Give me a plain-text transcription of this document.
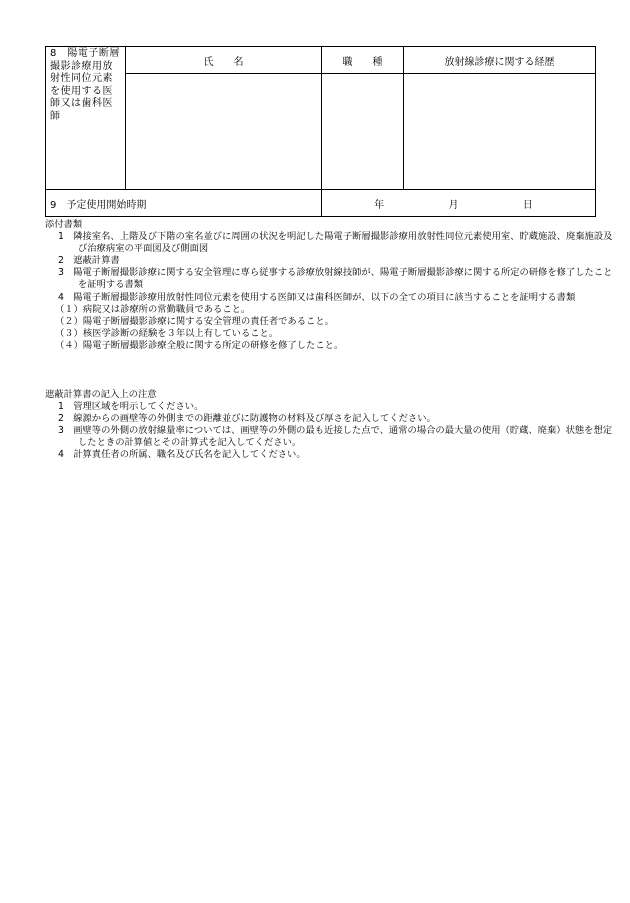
8　陽電子断層撮影診療用放射性同位元素を使用する医師又は歯科医師	氏　　名	職　　種	放射線診療に関する経歴

9　予定使用開始時期		年 月 日	
添付書類
1　隣接室名、上階及び下階の室名並びに周囲の状況を明記した陽電子断層撮影診療用放射性同位元素使用室、貯蔵施設、廃棄施設及び治療病室の平面図及び側面図
2　遮蔽計算書
3　陽電子断層撮影診療に関する安全管理に専ら従事する診療放射線技師が、陽電子断層撮影診療に関する所定の研修を修了したことを証明する書類
4　陽電子断層撮影診療用放射性同位元素を使用する医師又は歯科医師が、以下の全ての項目に該当することを証明する書類
（１）病院又は診療所の常勤職員であること。
（２）陽電子断層撮影診療に関する安全管理の責任者であること。
（３）核医学診断の経験を３年以上有していること。
（４）陽電子断層撮影診療全般に関する所定の研修を修了したこと。
遮蔽計算書の記入上の注意
1　管理区域を明示してください。
2　線源からの画壁等の外側までの距離並びに防護物の材料及び厚さを記入してください。
3　画壁等の外側の放射線量率については、画壁等の外側の最も近接した点で、通常の場合の最大量の使用（貯蔵、廃棄）状態を想定したときの計算値とその計算式を記入してください。
4　計算責任者の所属、職名及び氏名を記入してください。
